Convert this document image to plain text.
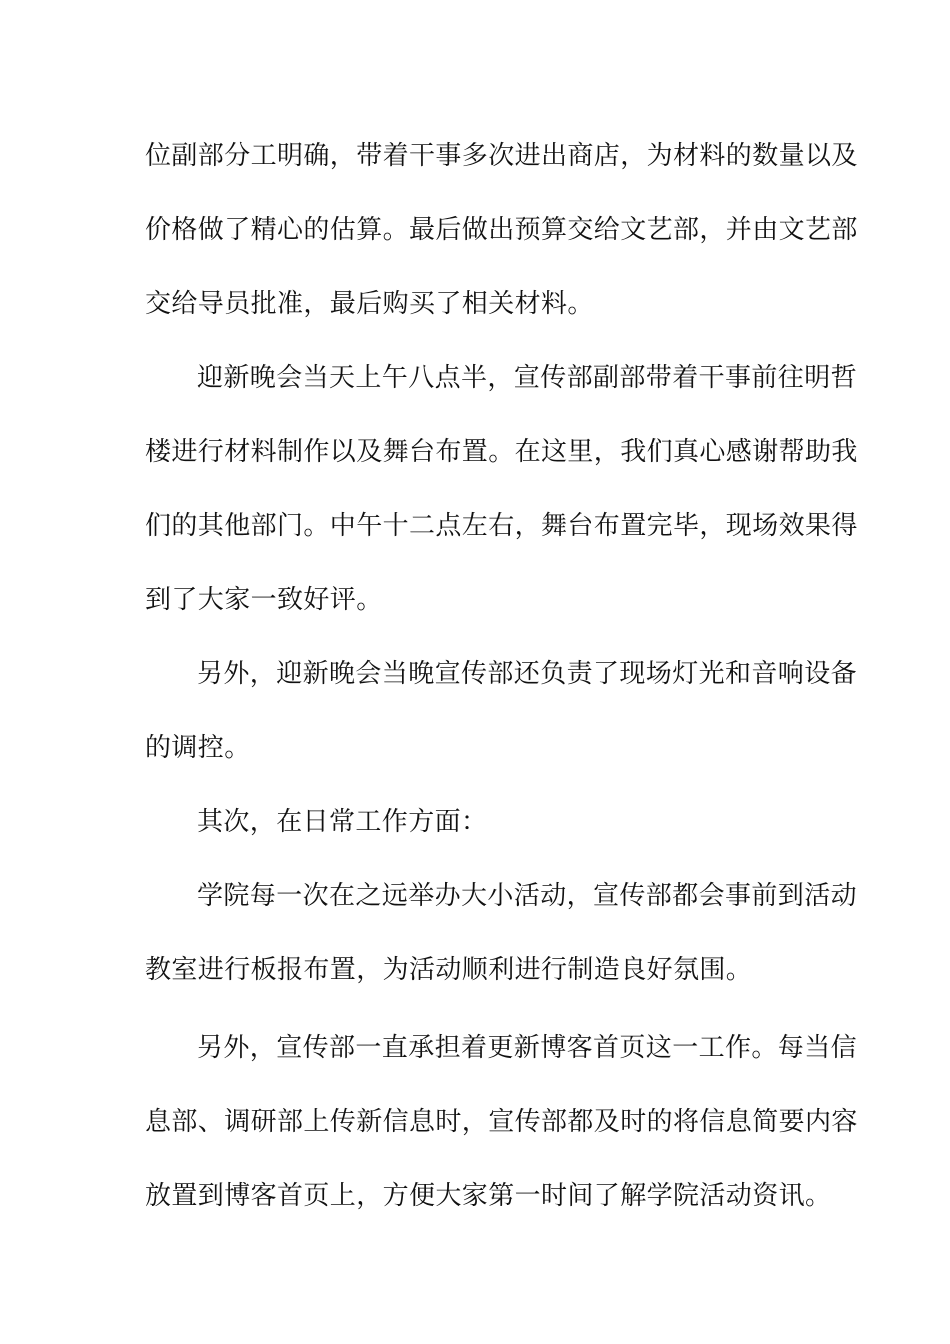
位副部分工明确，带着干事多次进出商店，为材料的数量以及
价格做了精心的估算。最后做出预算交给文艺部，并由文艺部
交给导员批准，最后购买了相关材料。
迎新晚会当天上午八点半，宣传部副部带着干事前往明哲
楼进行材料制作以及舞台布置。在这里，我们真心感谢帮助我
们的其他部门。中午十二点左右，舞台布置完毕，现场效果得
到了大家一致好评。
另外，迎新晚会当晚宣传部还负责了现场灯光和音响设备
的调控。
其次，在日常工作方面：
学院每一次在之远举办大小活动，宣传部都会事前到活动
教室进行板报布置，为活动顺利进行制造良好氛围。
另外，宣传部一直承担着更新博客首页这一工作。每当信
息部、调研部上传新信息时，宣传部都及时的将信息简要内容
放置到博客首页上，方便大家第一时间了解学院活动资讯。
